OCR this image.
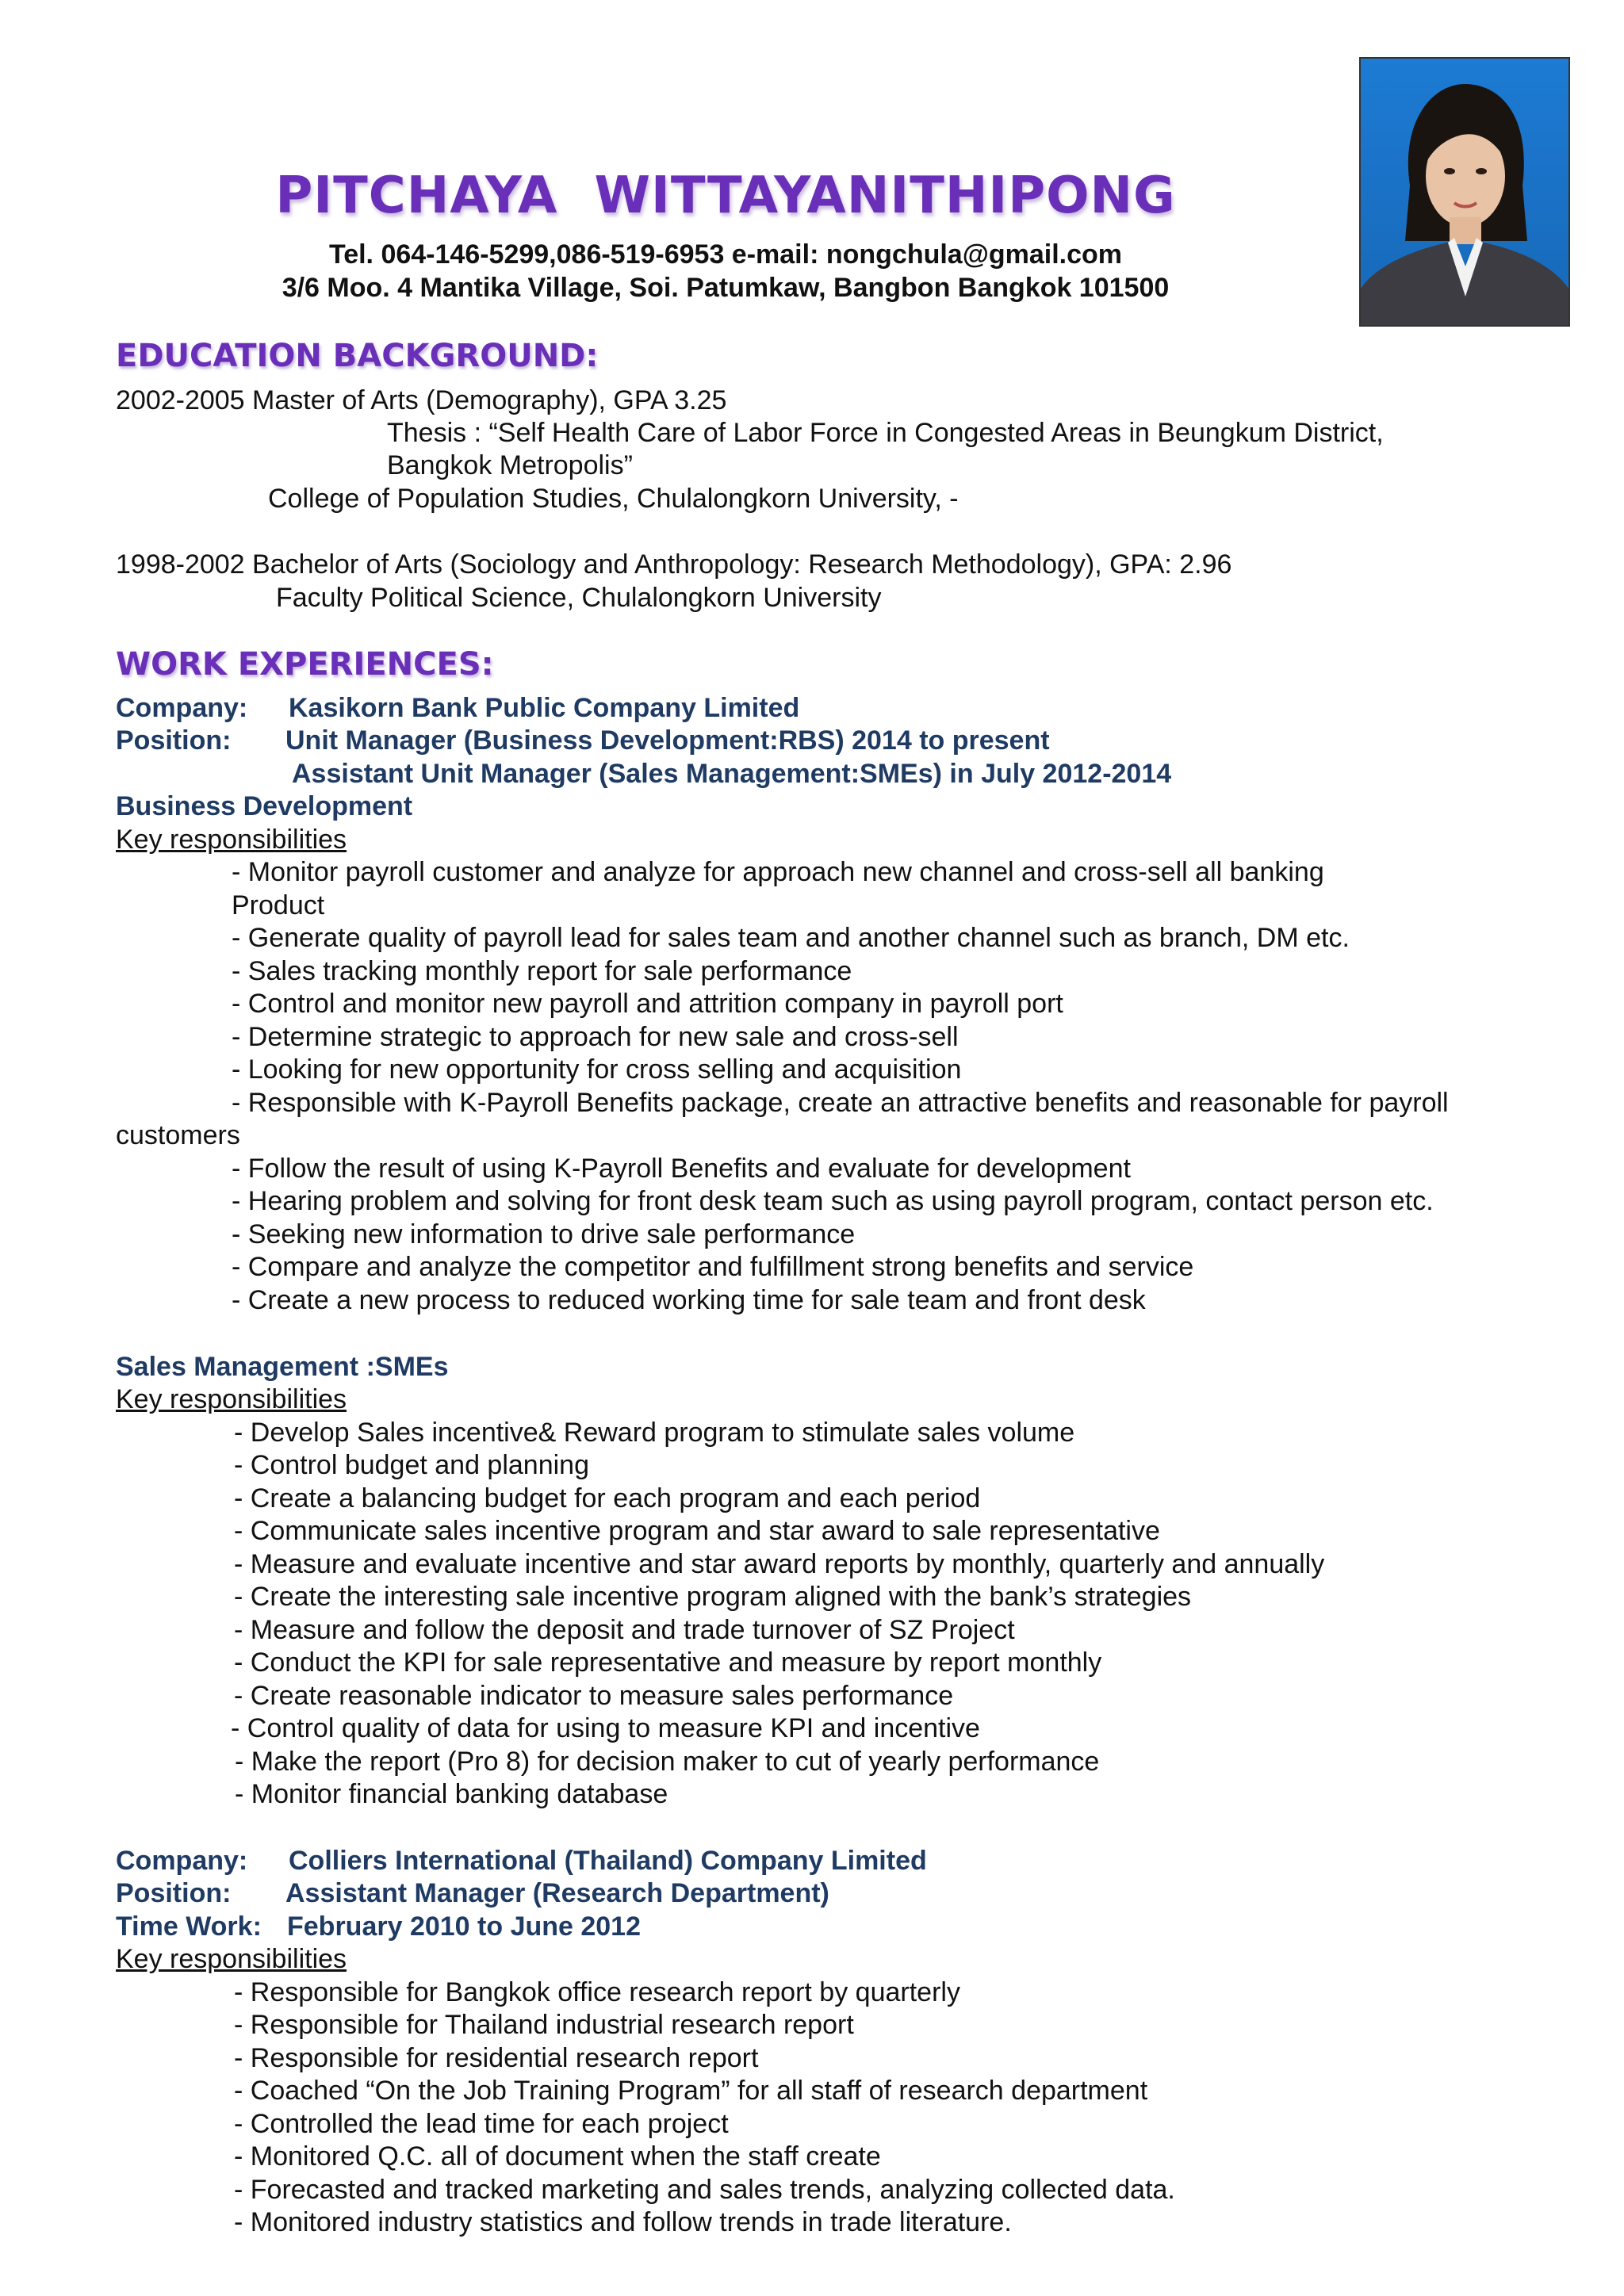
PITCHAYA WITTAYANITHIPONG
Tel. 064-146-5299,086-519-6953 e-mail: nongchula@gmail.com
3/6 Moo. 4 Mantika Village, Soi. Patumkaw, Bangbon Bangkok 101500
EDUCATION BACKGROUND:
2002-2005 Master of Arts (Demography), GPA 3.25
Thesis : “Self Health Care of Labor Force in Congested Areas in Beungkum District,
Bangkok Metropolis”
College of Population Studies, Chulalongkorn University, -
1998-2002 Bachelor of Arts (Sociology and Anthropology: Research Methodology), GPA: 2.96
Faculty Political Science, Chulalongkorn University
WORK EXPERIENCES:
Company: Kasikorn Bank Public Company Limited
Position: Unit Manager (Business Development:RBS) 2014 to present
Assistant Unit Manager (Sales Management:SMEs) in July 2012-2014
Business Development
Key responsibilities
- Monitor payroll customer and analyze for approach new channel and cross-sell all banking
Product
- Generate quality of payroll lead for sales team and another channel such as branch, DM etc.
- Sales tracking monthly report for sale performance
- Control and monitor new payroll and attrition company in payroll port
- Determine strategic to approach for new sale and cross-sell
- Looking for new opportunity for cross selling and acquisition
- Responsible with K-Payroll Benefits package, create an attractive benefits and reasonable for payroll
customers
- Follow the result of using K-Payroll Benefits and evaluate for development
- Hearing problem and solving for front desk team such as using payroll program, contact person etc.
- Seeking new information to drive sale performance
- Compare and analyze the competitor and fulfillment strong benefits and service
- Create a new process to reduced working time for sale team and front desk
Sales Management :SMEs
Key responsibilities
- Develop Sales incentive& Reward program to stimulate sales volume
- Control budget and planning
- Create a balancing budget for each program and each period
- Communicate sales incentive program and star award to sale representative
- Measure and evaluate incentive and star award reports by monthly, quarterly and annually
- Create the interesting sale incentive program aligned with the bank’s strategies
- Measure and follow the deposit and trade turnover of SZ Project
- Conduct the KPI for sale representative and measure by report monthly
- Create reasonable indicator to measure sales performance
- Control quality of data for using to measure KPI and incentive
- Make the report (Pro 8) for decision maker to cut of yearly performance
- Monitor financial banking database
Company: Colliers International (Thailand) Company Limited
Position: Assistant Manager (Research Department)
Time Work: February 2010 to June 2012
Key responsibilities
- Responsible for Bangkok office research report by quarterly
- Responsible for Thailand industrial research report
- Responsible for residential research report
- Coached “On the Job Training Program” for all staff of research department
- Controlled the lead time for each project
- Monitored Q.C. all of document when the staff create
- Forecasted and tracked marketing and sales trends, analyzing collected data.
- Monitored industry statistics and follow trends in trade literature.
